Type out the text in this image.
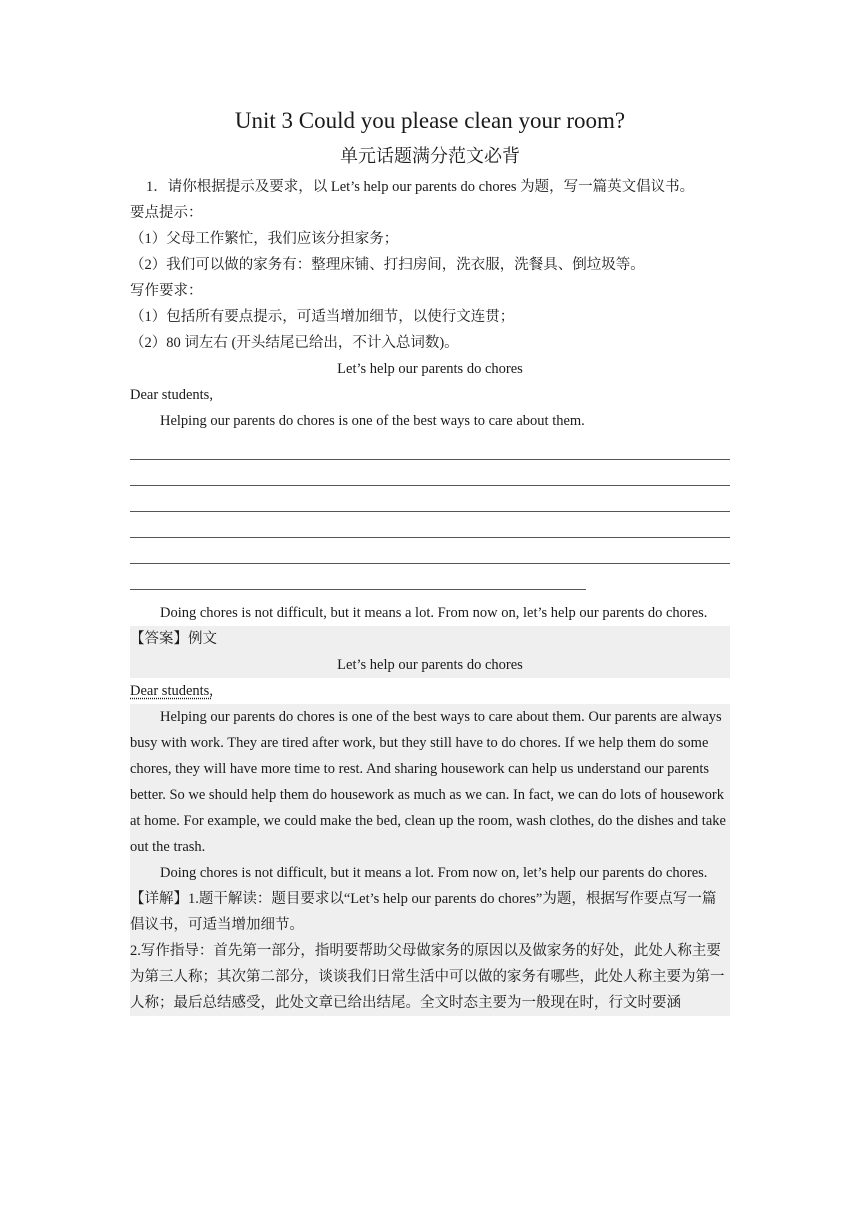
Unit 3 Could you please clean your room?
单元话题满分范文必背
1．请你根据提示及要求，以 Let’s help our parents do chores 为题，写一篇英文倡议书。
要点提示：
（1）父母工作繁忙，我们应该分担家务；
（2）我们可以做的家务有：整理床铺、打扫房间，洗衣服，洗餐具、倒垃圾等。
写作要求：
（1）包括所有要点提示，可适当增加细节，以使行文连贯；
（2）80 词左右 (开头结尾已给出，不计入总词数)。
Let’s help our parents do chores
Dear students,
Helping our parents do chores is one of the best ways to care about them.
Doing chores is not difficult, but it means a lot. From now on, let’s help our parents do chores.
【答案】例文
Let’s help our parents do chores
Dear students,
Helping our parents do chores is one of the best ways to care about them. Our parents are always busy with work. They are tired after work, but they still have to do chores. If we help them do some chores, they will have more time to rest. And sharing housework can help us understand our parents better. So we should help them do housework as much as we can. In fact, we can do lots of housework at home. For example, we could make the bed, clean up the room, wash clothes, do the dishes and take out the trash.
Doing chores is not difficult, but it means a lot. From now on, let’s help our parents do chores.
【详解】1.题干解读：题目要求以“Let’s help our parents do chores”为题，根据写作要点写一篇倡议书，可适当增加细节。
2.写作指导：首先第一部分，指明要帮助父母做家务的原因以及做家务的好处，此处人称主要为第三人称；其次第二部分，谈谈我们日常生活中可以做的家务有哪些，此处人称主要为第一人称；最后总结感受，此处文章已给出结尾。全文时态主要为一般现在时，行文时要涵
